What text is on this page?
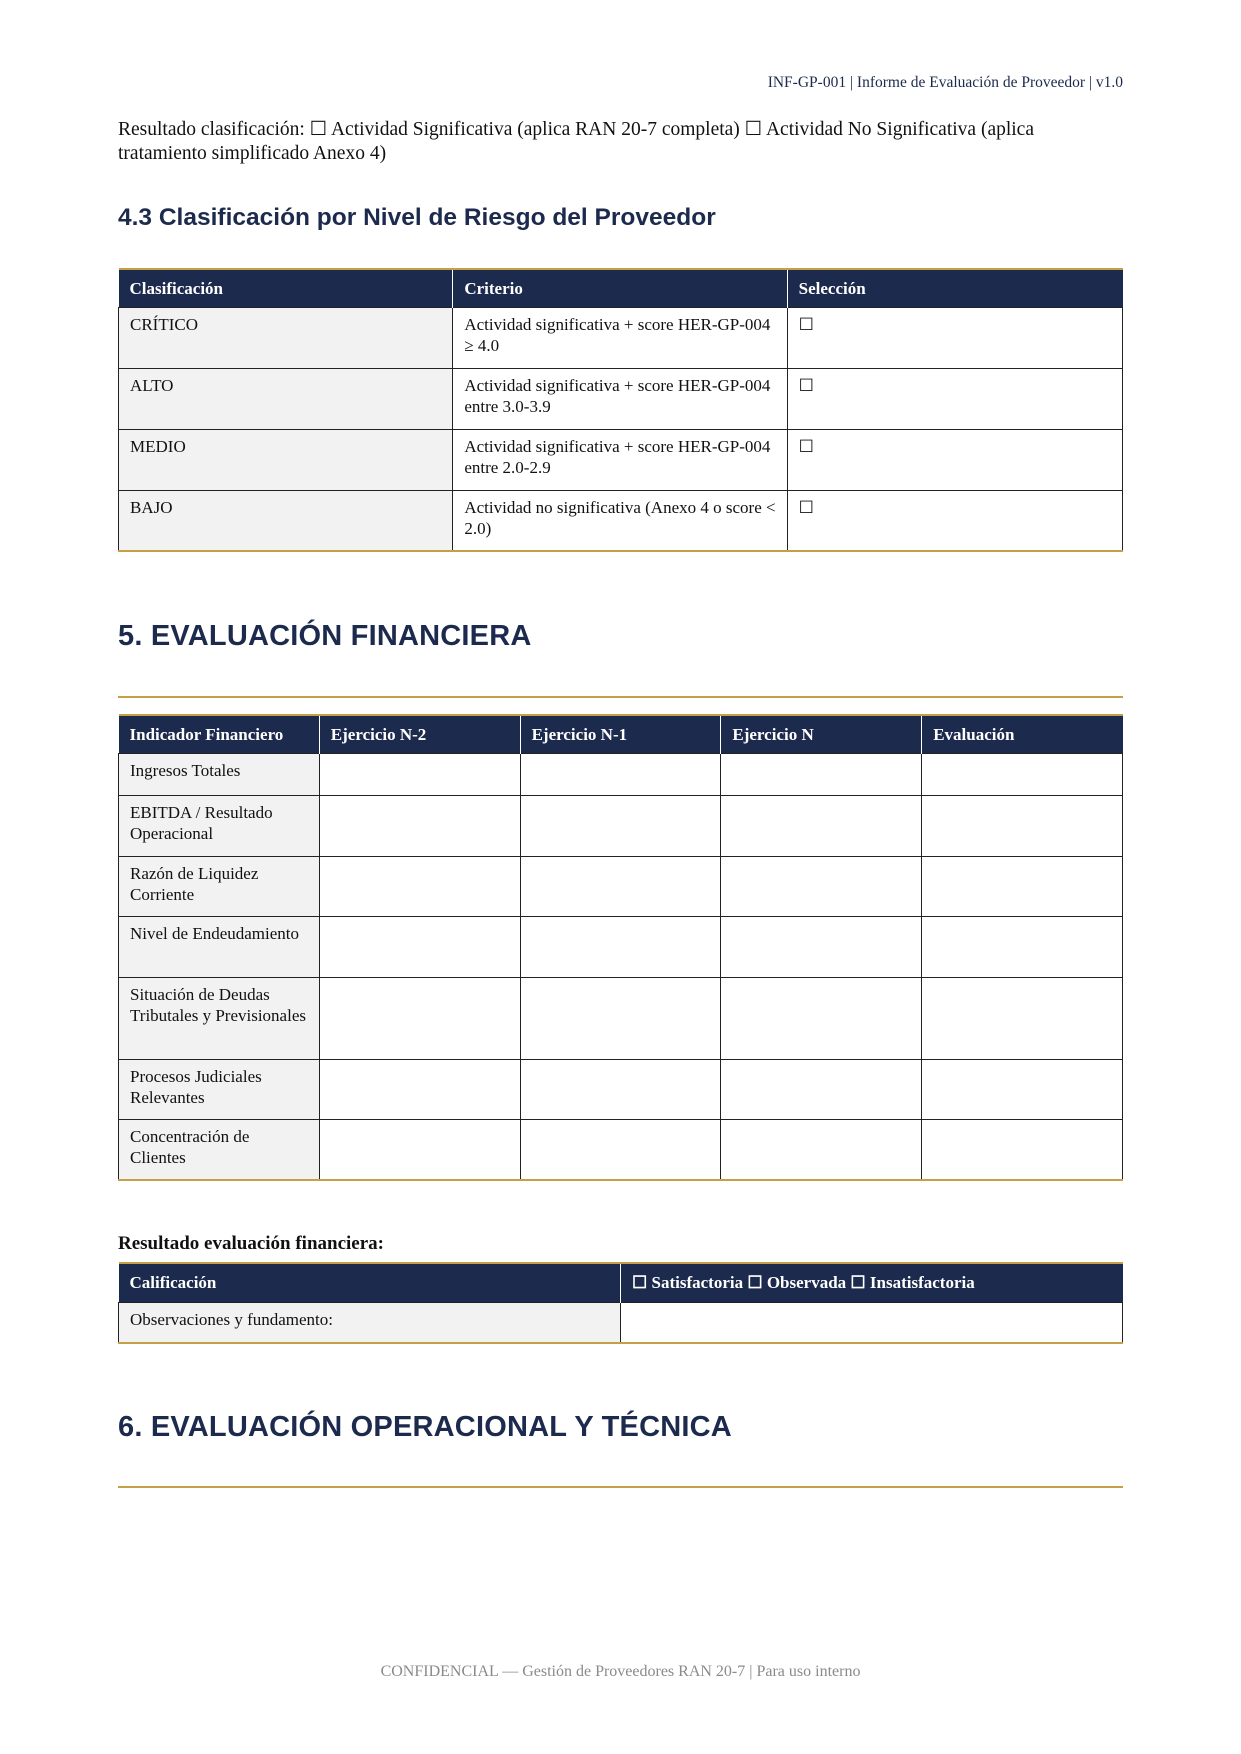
INF-GP-001 | Informe de Evaluación de Proveedor | v1.0
Resultado clasificación: ☐ Actividad Significativa (aplica RAN 20-7 completa) ☐ Actividad No Significativa (aplica tratamiento simplificado Anexo 4)
4.3 Clasificación por Nivel de Riesgo del Proveedor
Clasificación	Criterio	Selección
CRÍTICO	Actividad significativa + score HER-GP-004 ≥ 4.0	☐
ALTO	Actividad significativa + score HER-GP-004 entre 3.0-3.9	☐
MEDIO	Actividad significativa + score HER-GP-004 entre 2.0-2.9	☐
BAJO	Actividad no significativa (Anexo 4 o score < 2.0)	☐
5. EVALUACIÓN FINANCIERA
Indicador Financiero	Ejercicio N-2	Ejercicio N-1	Ejercicio N	Evaluación
Ingresos Totales				
EBITDA / Resultado Operacional				
Razón de Liquidez Corriente				
Nivel de Endeudamiento				
Situación de Deudas Tributales y Previsionales				
Procesos Judiciales Relevantes				
Concentración de Clientes				
Resultado evaluación financiera:
Calificación	☐ Satisfactoria ☐ Observada ☐ Insatisfactoria
Observaciones y fundamento:	
6. EVALUACIÓN OPERACIONAL Y TÉCNICA
CONFIDENCIAL — Gestión de Proveedores RAN 20-7 | Para uso interno
